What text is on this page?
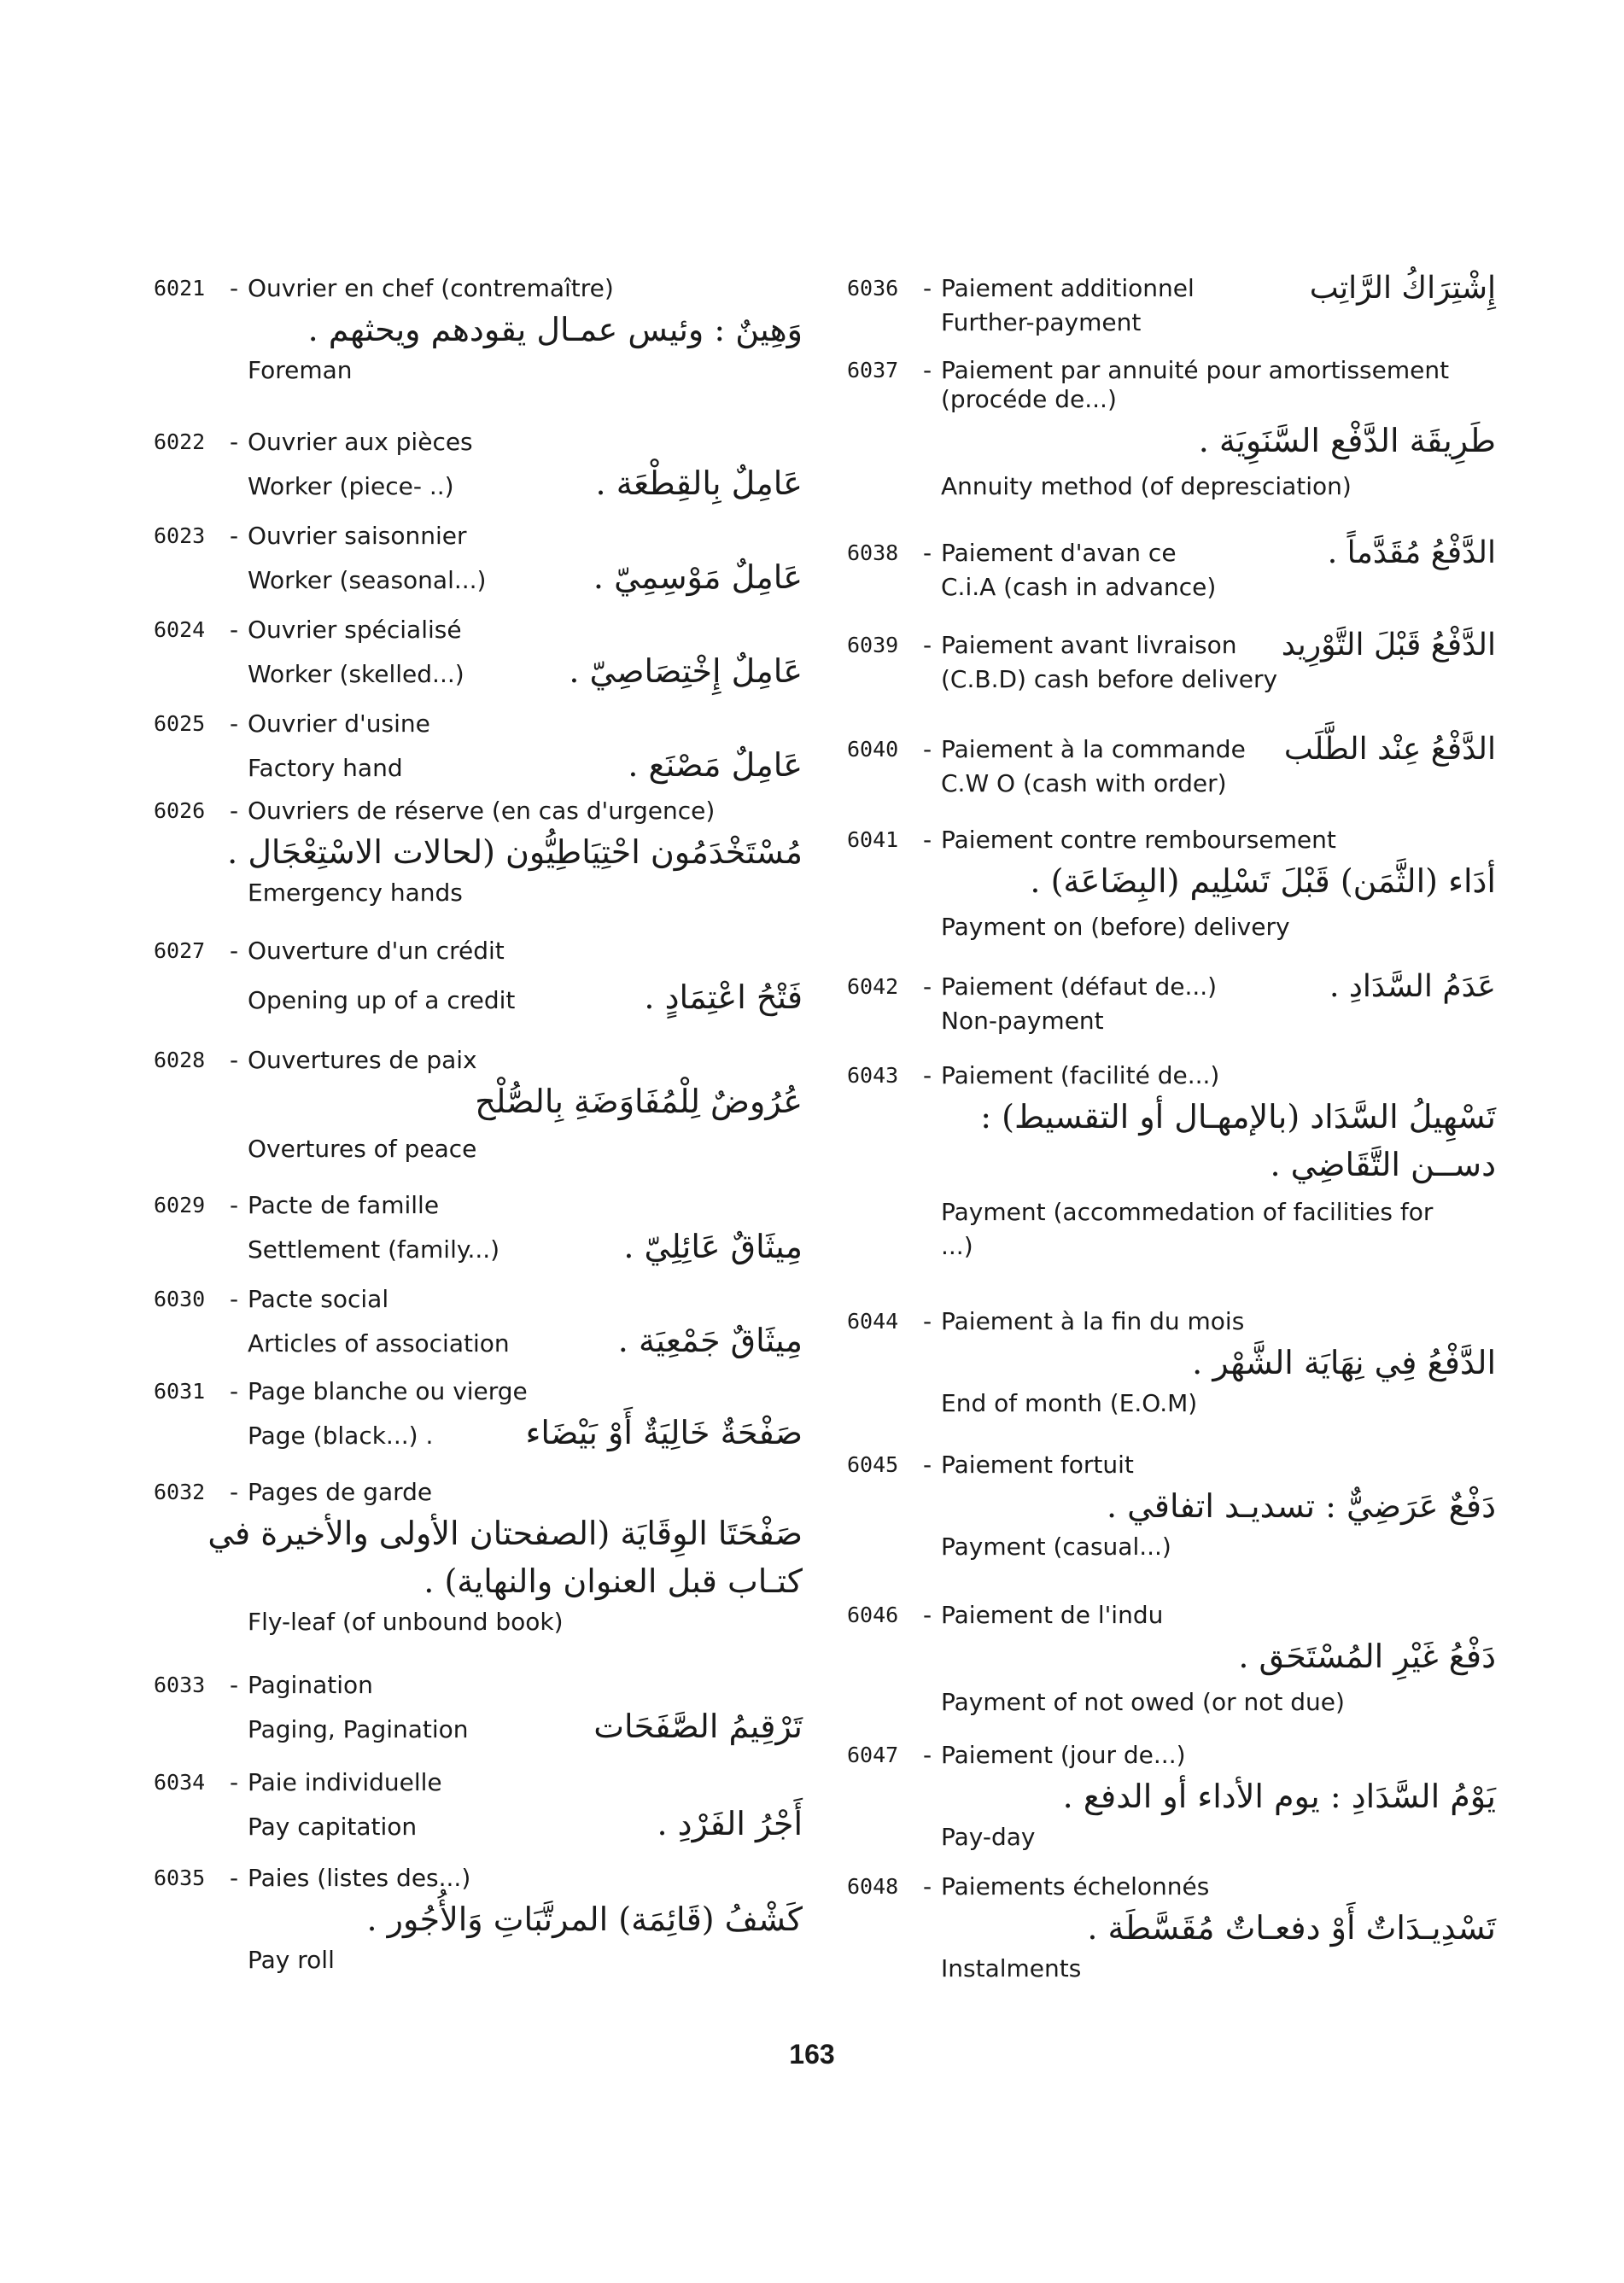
6021	- Ouvrier en chef (contremaître)
وَهِينٌ : وئيس عمـال يقودهم ويحثهم .
Foreman
6022	- Ouvrier aux pièces
Worker (piece- ..)	عَامِلٌ بِالقِطْعَة .
6023	- Ouvrier saisonnier
Worker (seasonal...)	عَامِلٌ مَوْسِمِيّ .
6024	- Ouvrier spécialisé
Worker (skelled...)	عَامِلٌ إِخْتِصَاصِيّ .
6025	- Ouvrier d'usine
Factory hand	عَامِلٌ مَصْنَع .
6026	- Ouvriers de réserve (en cas d'urgence)
مُسْتَخْدَمُون احْتِيَاطِيُّون (لحالات الاسْتِعْجَال .
Emergency hands
6027	- Ouverture d'un crédit
Opening up of a credit	فَتْحُ اعْتِمَادٍ .
6028	- Ouvertures de paix
عُرُوضٌ لِلْمُفَاوَضَةِ بِالصُّلْح
Overtures of peace
6029	- Pacte de famille
Settlement (family...)	مِيثَاقٌ عَائِلِيّ .
6030	- Pacte social
Articles of association	مِيثَاقٌ جَمْعِيَة .
6031	- Page blanche ou vierge
Page (black...) .	صَفْحَةٌ خَالِيَةٌ أَوْ بَيْضَاء
6032	- Pages de garde
صَفْحَتَا الوِقَايَة (الصفحتان الأولى والأخيرة في
كتـاب قبل العنوان والنهاية) .
Fly-leaf (of unbound book)
6033	- Pagination
Paging, Pagination	تَرْقِيمُ الصَّفَحَات
6034	- Paie individuelle
Pay capitation	أَجْرُ الفَرْدِ .
6035	- Paies (listes des...)
كَشْفُ (قَائِمَة) المرتَّبَاتِ وَالأُجُور .
Pay roll
6036	- Paiement additionnel	إِشْتِرَاكُ الرَّاتِب
Further-payment
6037	- Paiement par annuité pour amortissement
(procéde de...)
طَرِيقَة الدَّفْع السَّنَوِيَة .
Annuity method (of depresciation)
6038	- Paiement d'avan ce	الدَّفْعُ مُقَدَّماً .
C.i.A (cash in advance)
6039	- Paiement avant livraison	الدَّفْعُ قَبْلَ التَّوْرِيد
(C.B.D) cash before delivery
6040	- Paiement à la commande	الدَّفْعُ عِنْد الطَّلَب
C.W O (cash with order)
6041	- Paiement contre remboursement
أدَاء (الثَّمَن) قَبْلَ تَسْلِيم (البِضَاعَة) .
Payment on (before) delivery
6042	- Paiement (défaut de...)	عَدَمُ السَّدَادِ .
Non-payment
6043	- Paiement (facilité de...)
تَسْهِيلُ السَّدَاد (بالإمهـال أو التقسيط) :
دســن التَّقَاضِي .
Payment (accommedation of facilities for
...)
6044	- Paiement à la fin du mois
الدَّفْعُ فِي نِهَايَة الشَّهْر .
End of month (E.O.M)
6045	- Paiement fortuit
دَفْعٌ عَرَضِيٌّ : تسديـد اتفاقي .
Payment (casual...)
6046	- Paiement de l'indu
دَفْعُ غَيْرِ المُسْتَحَق .
Payment of not owed (or not due)
6047	- Paiement (jour de...)
يَوْمُ السَّدَادِ : يوم الأداء أو الدفع .
Pay-day
6048	- Paiements échelonnés
تَسْدِيـدَاتٌ أَوْ دفعـاتٌ مُقَسَّطَة .
Instalments
163
